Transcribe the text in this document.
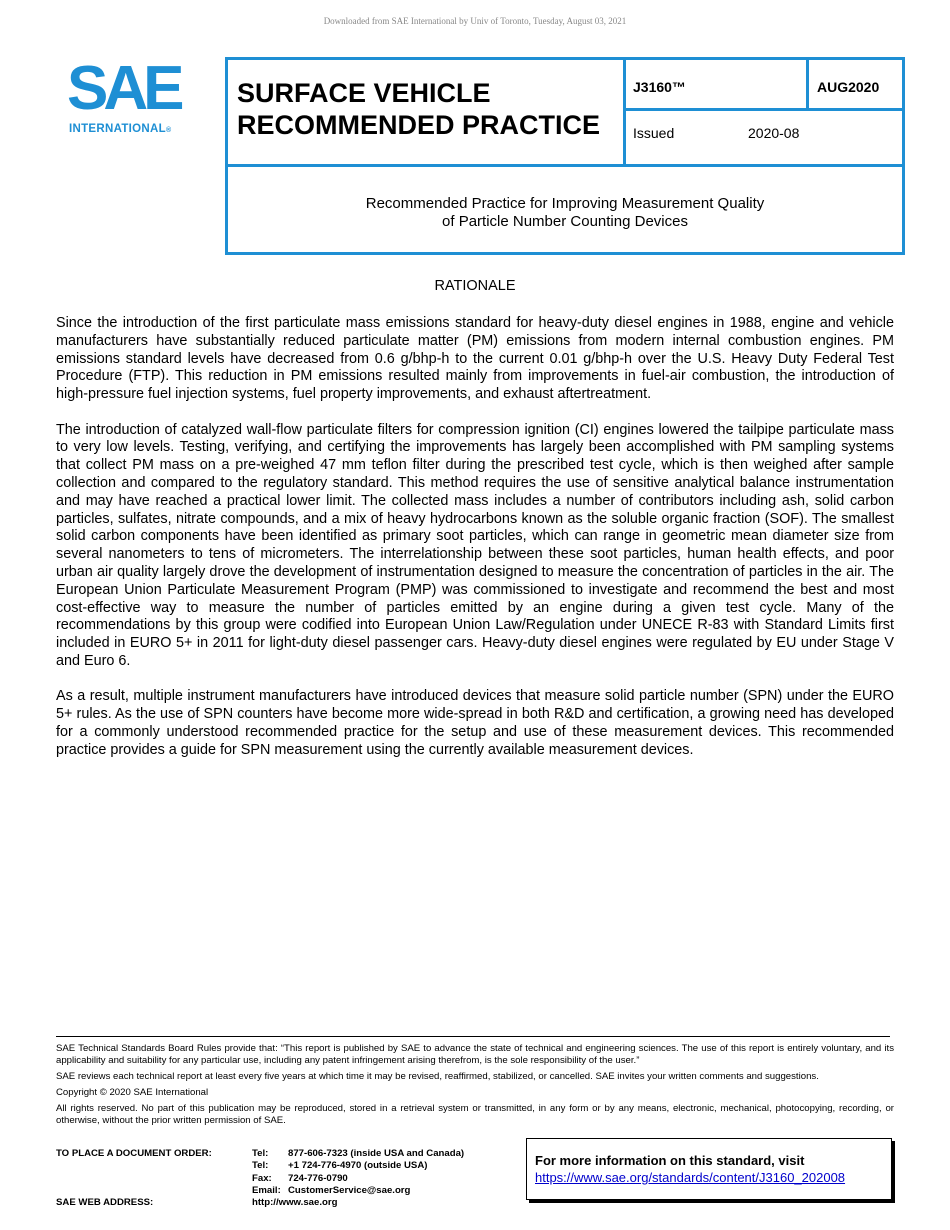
Downloaded from SAE International by Univ of Toronto, Tuesday, August 03, 2021
SAE
INTERNATIONAL®
SURFACE VEHICLE
RECOMMENDED PRACTICE
J3160™	AUG2020
Issued	2020-08
Recommended Practice for Improving Measurement Quality
of Particle Number Counting Devices
RATIONALE

Since the introduction of the first particulate mass emissions standard for heavy-duty diesel engines in 1988, engine and vehicle manufacturers have substantially reduced particulate matter (PM) emissions from modern internal combustion engines. PM emissions standard levels have decreased from 0.6 g/bhp-h to the current 0.01 g/bhp-h over the U.S. Heavy Duty Federal Test Procedure (FTP). This reduction in PM emissions resulted mainly from improvements in fuel-air combustion, the introduction of high-pressure fuel injection systems, fuel property improvements, and exhaust aftertreatment.

The introduction of catalyzed wall-flow particulate filters for compression ignition (CI) engines lowered the tailpipe particulate mass to very low levels. Testing, verifying, and certifying the improvements has largely been accomplished with PM sampling systems that collect PM mass on a pre-weighed 47 mm teflon filter during the prescribed test cycle, which is then weighed after sample collection and compared to the regulatory standard. This method requires the use of sensitive analytical balance instrumentation and may have reached a practical lower limit. The collected mass includes a number of contributors including ash, solid carbon particles, sulfates, nitrate compounds, and a mix of heavy hydrocarbons known as the soluble organic fraction (SOF). The smallest solid carbon components have been identified as primary soot particles, which can range in geometric mean diameter size from several nanometers to tens of micrometers. The interrelationship between these soot particles, human health effects, and poor urban air quality largely drove the development of instrumentation designed to measure the concentration of particles in the air. The European Union Particulate Measurement Program (PMP) was commissioned to investigate and recommend the best and most cost-effective way to measure the number of particles emitted by an engine during a given test cycle. Many of the recommendations by this group were codified into European Union Law/Regulation under UNECE R-83 with Standard Limits first included in EURO 5+ in 2011 for light-duty diesel passenger cars. Heavy-duty diesel engines were regulated by EU under Stage V and Euro 6.

As a result, multiple instrument manufacturers have introduced devices that measure solid particle number (SPN) under the EURO 5+ rules. As the use of SPN counters have become more wide-spread in both R&D and certification, a growing need has developed for a commonly understood recommended practice for the setup and use of these measurement devices. This recommended practice provides a guide for SPN measurement using the currently available measurement devices.

SAE Technical Standards Board Rules provide that: “This report is published by SAE to advance the state of technical and engineering sciences. The use of this report is entirely voluntary, and its applicability and suitability for any particular use, including any patent infringement arising therefrom, is the sole responsibility of the user.”

SAE reviews each technical report at least every five years at which time it may be revised, reaffirmed, stabilized, or cancelled. SAE invites your written comments and suggestions.

Copyright © 2020 SAE International

All rights reserved. No part of this publication may be reproduced, stored in a retrieval system or transmitted, in any form or by any means, electronic, mechanical, photocopying, recording, or otherwise, without the prior written permission of SAE.

TO PLACE A DOCUMENT ORDER:	Tel: 877-606-7323 (inside USA and Canada)
Tel: +1 724-776-4970 (outside USA)
Fax: 724-776-0790
Email: CustomerService@sae.org
SAE WEB ADDRESS:	http://www.sae.org
For more information on this standard, visit
https://www.sae.org/standards/content/J3160_202008
